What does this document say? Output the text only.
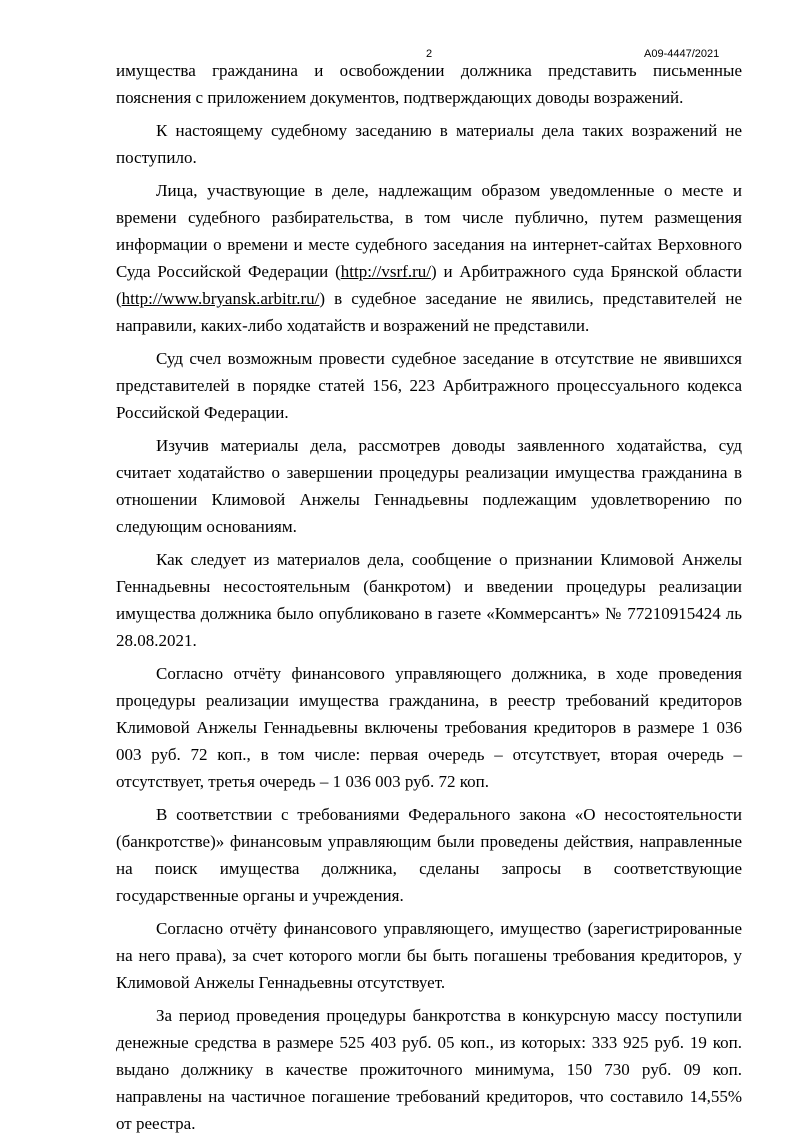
2	А09-4447/2021

имущества гражданина и освобождении должника представить письменные пояснения с приложением документов, подтверждающих доводы возражений.

К настоящему судебному заседанию в материалы дела таких возражений не поступило.

Лица, участвующие в деле, надлежащим образом уведомленные о месте и времени судебного разбирательства, в том числе публично, путем размещения информации о времени и месте судебного заседания на интернет-сайтах Верховного Суда Российской Федерации (http://vsrf.ru/) и Арбитражного суда Брянской области (http://www.bryansk.arbitr.ru/) в судебное заседание не явились, представителей не направили, каких-либо ходатайств и возражений не представили.

Суд счел возможным провести судебное заседание в отсутствие не явившихся представителей в порядке статей 156, 223 Арбитражного процессуального кодекса Российской Федерации.

Изучив материалы дела, рассмотрев доводы заявленного ходатайства, суд считает ходатайство о завершении процедуры реализации имущества гражданина в отношении Климовой Анжелы Геннадьевны подлежащим удовлетворению по следующим основаниям.

Как следует из материалов дела, сообщение о признании Климовой Анжелы Геннадьевны несостоятельным (банкротом) и введении процедуры реализации имущества должника было опубликовано в газете «Коммерсантъ» № 77210915424 ль 28.08.2021.

Согласно отчёту финансового управляющего должника, в ходе проведения процедуры реализации имущества гражданина, в реестр требований кредиторов Климовой Анжелы Геннадьевны включены требования кредиторов в размере 1 036 003 руб. 72 коп., в том числе: первая очередь – отсутствует, вторая очередь – отсутствует, третья очередь – 1 036 003 руб. 72 коп.

В соответствии с требованиями Федерального закона «О несостоятельности (банкротстве)» финансовым управляющим были проведены действия, направленные на поиск имущества должника, сделаны запросы в соответствующие государственные органы и учреждения.

Согласно отчёту финансового управляющего, имущество (зарегистрированные на него права), за счет которого могли бы быть погашены требования кредиторов, у Климовой Анжелы Геннадьевны отсутствует.

За период проведения процедуры банкротства в конкурсную массу поступили денежные средства в размере 525 403 руб. 05 коп., из которых: 333 925 руб. 19 коп. выдано должнику в качестве прожиточного минимума, 150 730 руб. 09 коп. направлены на частичное погашение требований кредиторов, что составило 14,55% от реестра.
